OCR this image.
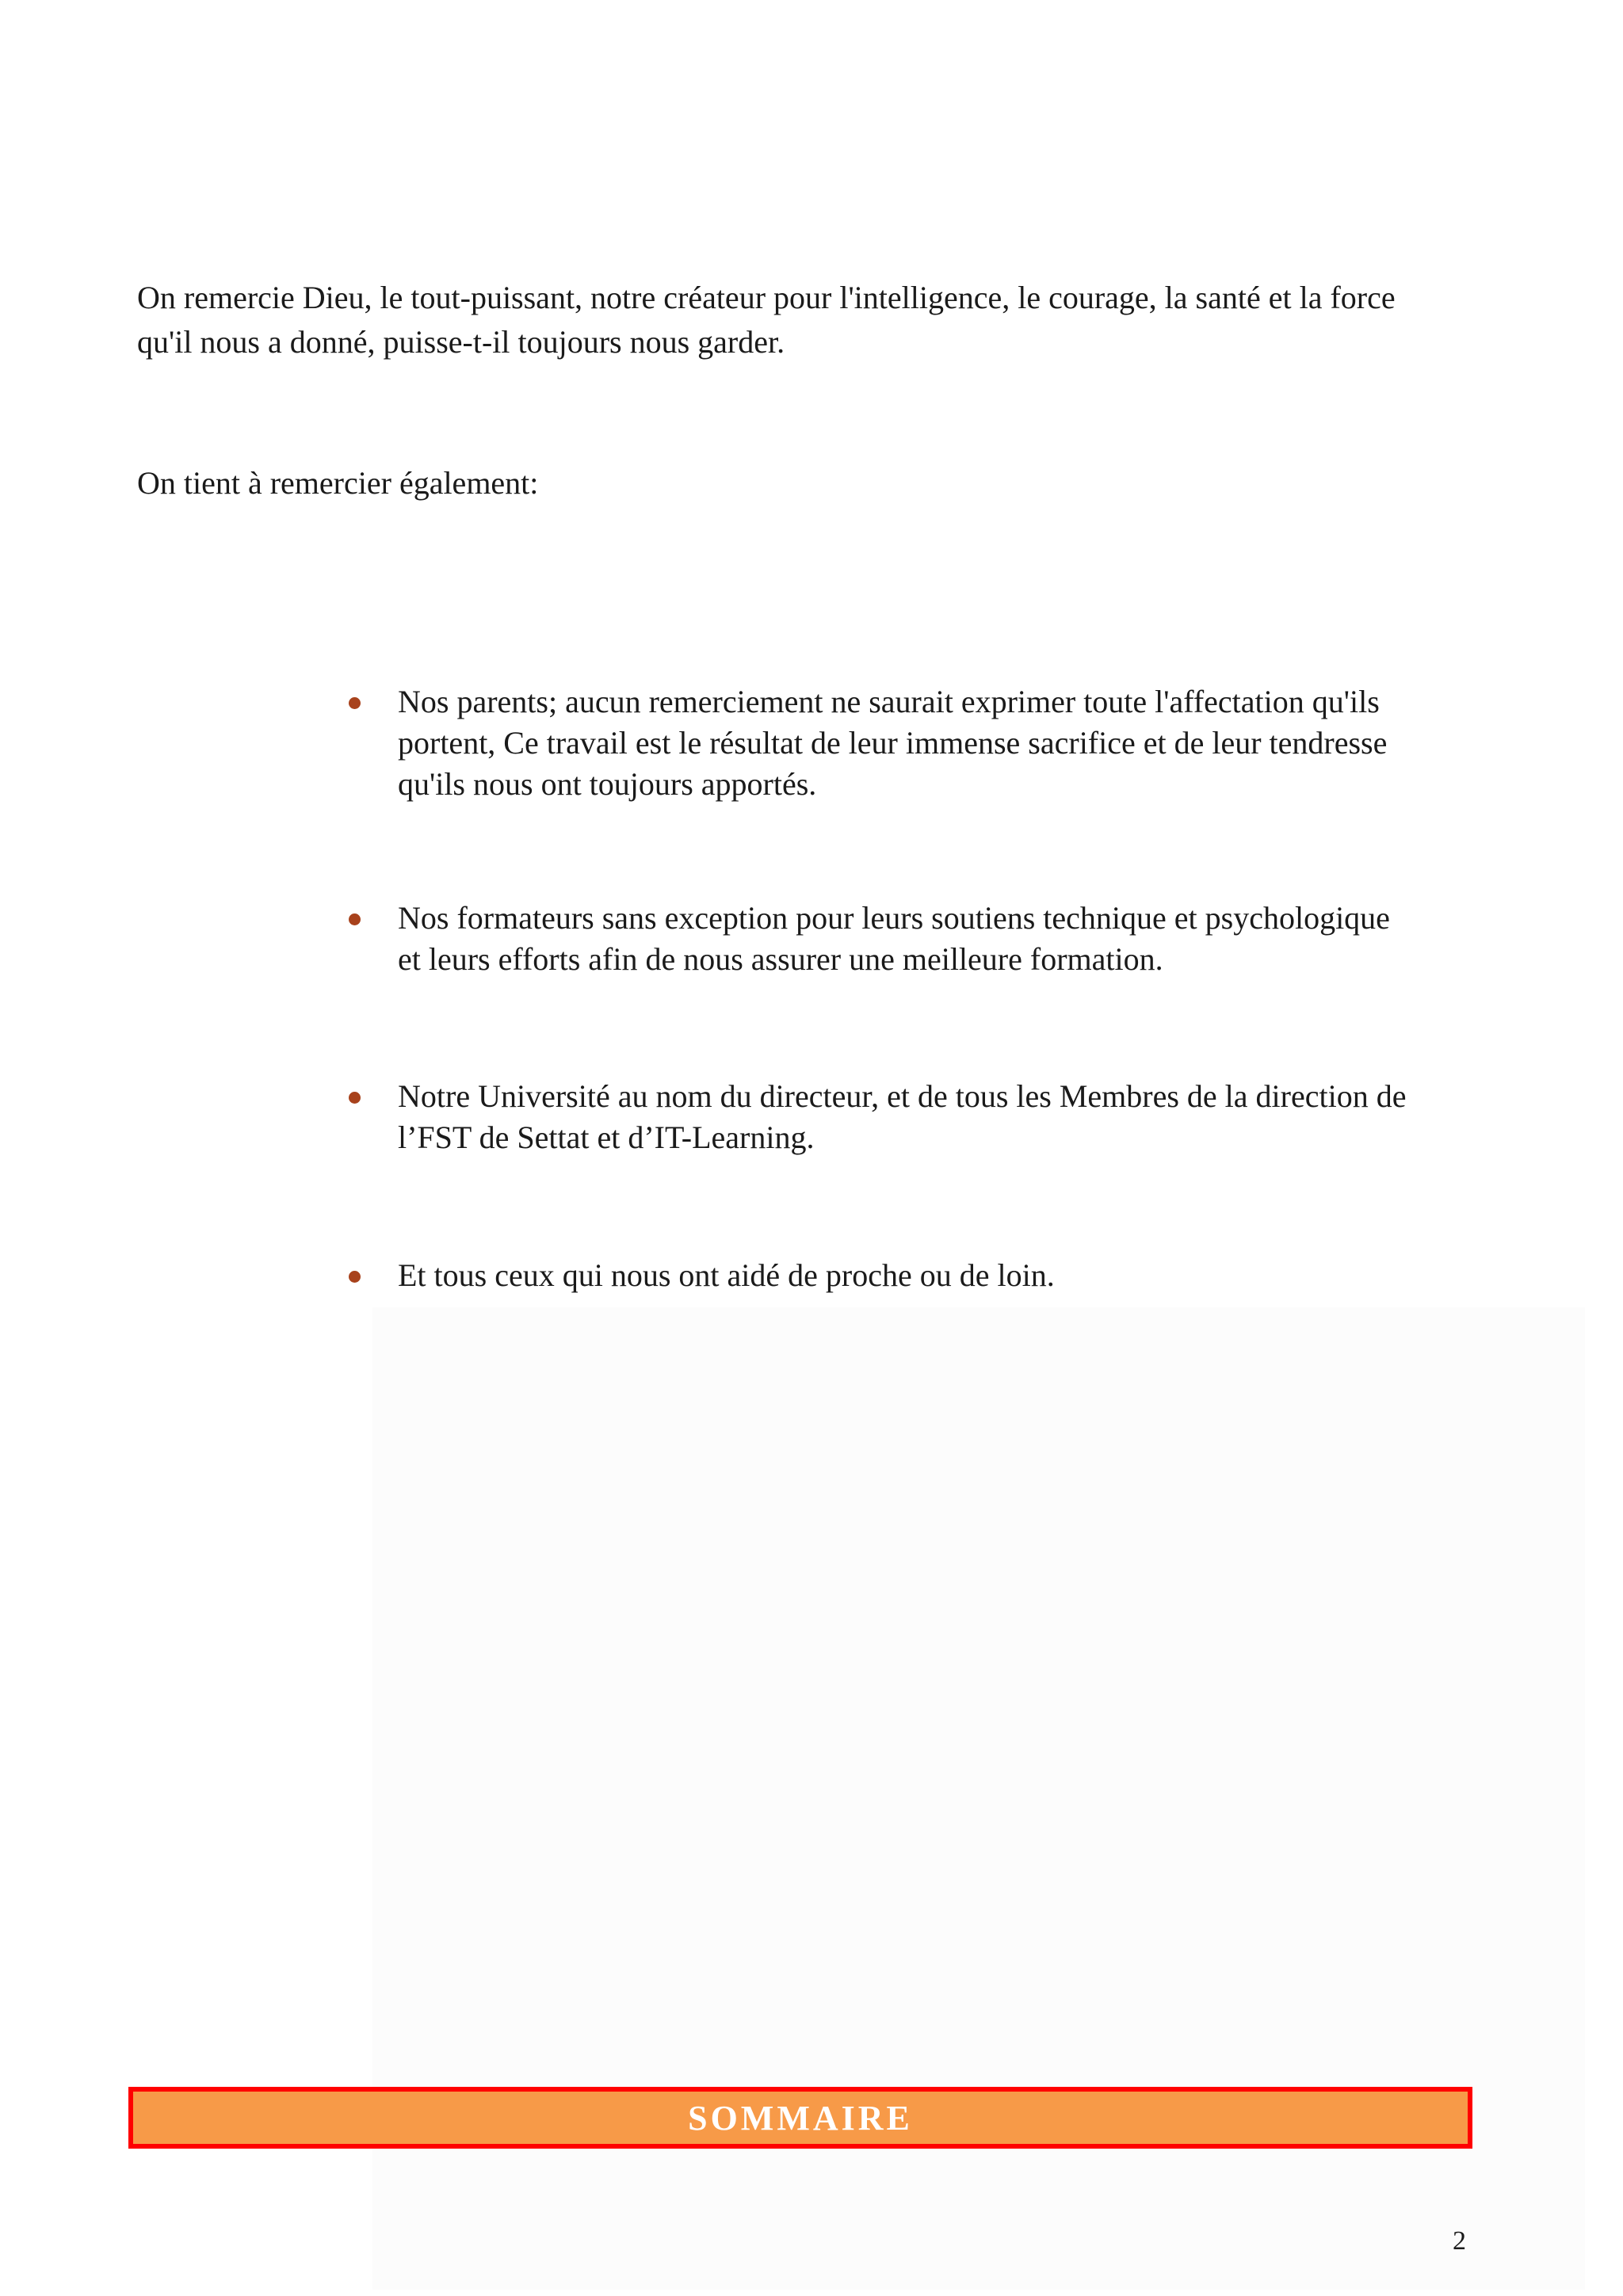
On remercie Dieu, le tout-puissant, notre créateur pour l'intelligence, le courage, la santé et la force
qu'il nous a donné, puisse-t-il toujours nous garder.

On tient à remercier également:

Nos parents; aucun remerciement ne saurait exprimer toute l'affectation qu'ils
portent, Ce travail est le résultat de leur immense sacrifice et de leur tendresse
qu'ils nous ont toujours apportés.
Nos formateurs sans exception pour leurs soutiens technique et psychologique
et leurs efforts afin de nous assurer une meilleure formation.
Notre Université au nom du directeur, et de tous les Membres de la direction de
l’FST de Settat et d’IT-Learning.
Et tous ceux qui nous ont aidé de proche ou de loin.
SOMMAIRE
2
